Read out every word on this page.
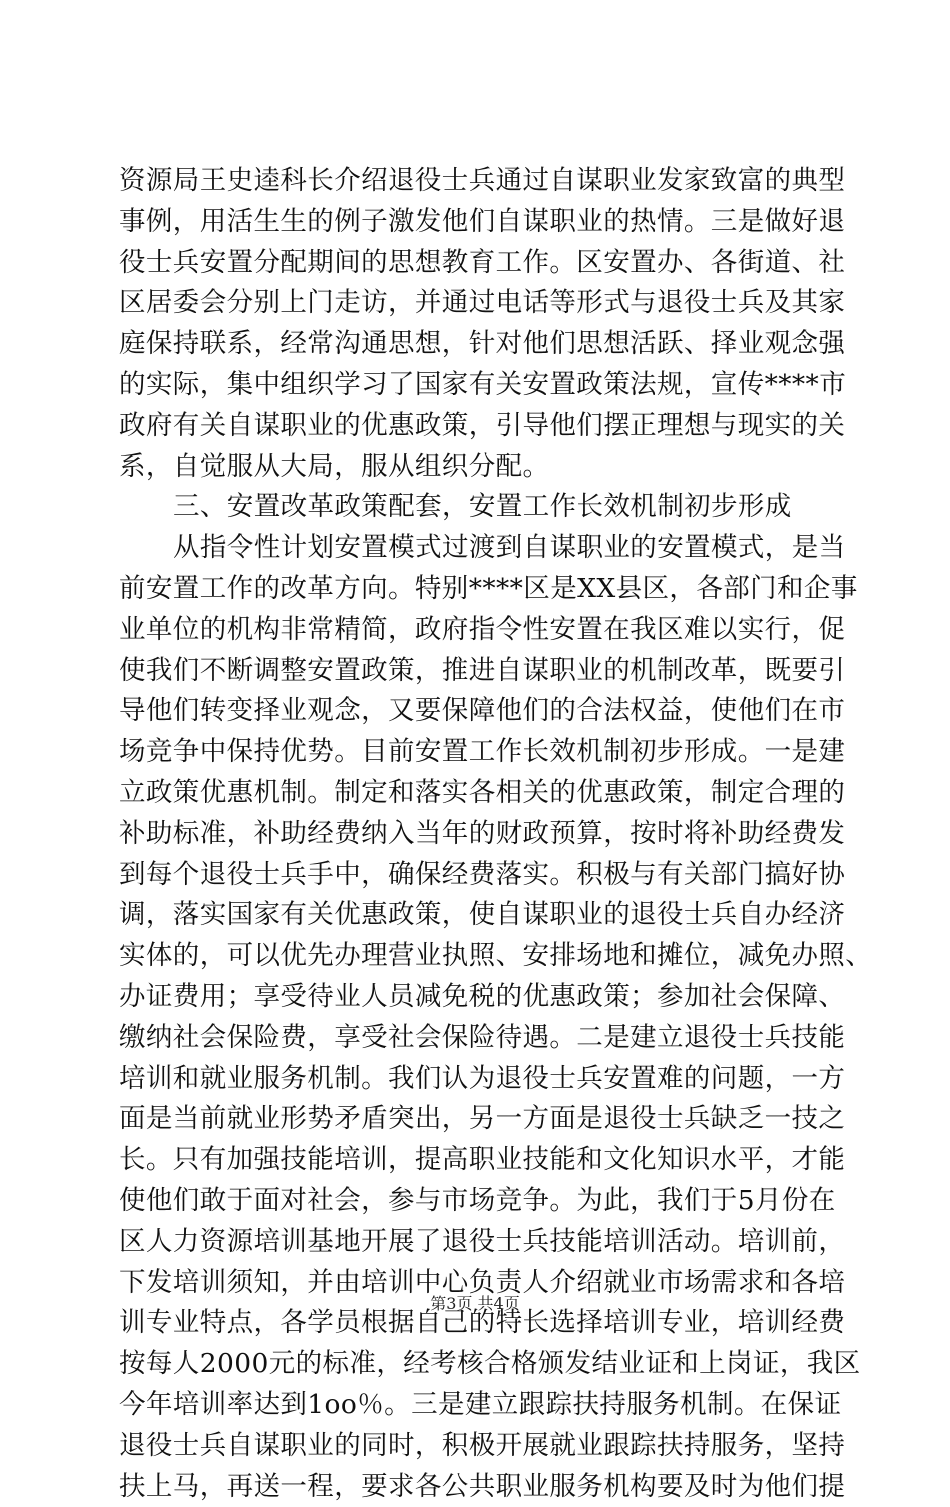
资源局王史逵科长介绍退役士兵通过自谋职业发家致富的典型
事例，用活生生的例子激发他们自谋职业的热情。三是做好退
役士兵安置分配期间的思想教育工作。区安置办、各街道、社
区居委会分别上门走访，并通过电话等形式与退役士兵及其家
庭保持联系，经常沟通思想，针对他们思想活跃、择业观念强
的实际，集中组织学习了国家有关安置政策法规，宣传****市
政府有关自谋职业的优惠政策，引导他们摆正理想与现实的关
系，自觉服从大局，服从组织分配。
三、安置改革政策配套，安置工作长效机制初步形成
从指令性计划安置模式过渡到自谋职业的安置模式，是当
前安置工作的改革方向。特别****区是XX县区，各部门和企事
业单位的机构非常精简，政府指令性安置在我区难以实行，促
使我们不断调整安置政策，推进自谋职业的机制改革，既要引
导他们转变择业观念，又要保障他们的合法权益，使他们在市
场竞争中保持优势。目前安置工作长效机制初步形成。一是建
立政策优惠机制。制定和落实各相关的优惠政策，制定合理的
补助标准，补助经费纳入当年的财政预算，按时将补助经费发
到每个退役士兵手中，确保经费落实。积极与有关部门搞好协
调，落实国家有关优惠政策，使自谋职业的退役士兵自办经济
实体的，可以优先办理营业执照、安排场地和摊位，减免办照、
办证费用；享受待业人员减免税的优惠政策；参加社会保障、
缴纳社会保险费，享受社会保险待遇。二是建立退役士兵技能
培训和就业服务机制。我们认为退役士兵安置难的问题，一方
面是当前就业形势矛盾突出，另一方面是退役士兵缺乏一技之
长。只有加强技能培训，提高职业技能和文化知识水平，才能
使他们敢于面对社会，参与市场竞争。为此，我们于5月份在
区人力资源培训基地开展了退役士兵技能培训活动。培训前，
下发培训须知，并由培训中心负责人介绍就业市场需求和各培
训专业特点，各学员根据自己的特长选择培训专业，培训经费
按每人2000元的标准，经考核合格颁发结业证和上岗证，我区
今年培训率达到1oo％。三是建立跟踪扶持服务机制。在保证
退役士兵自谋职业的同时，积极开展就业跟踪扶持服务，坚持
扶上马，再送一程，要求各公共职业服务机构要及时为他们提
第3页 共4页
